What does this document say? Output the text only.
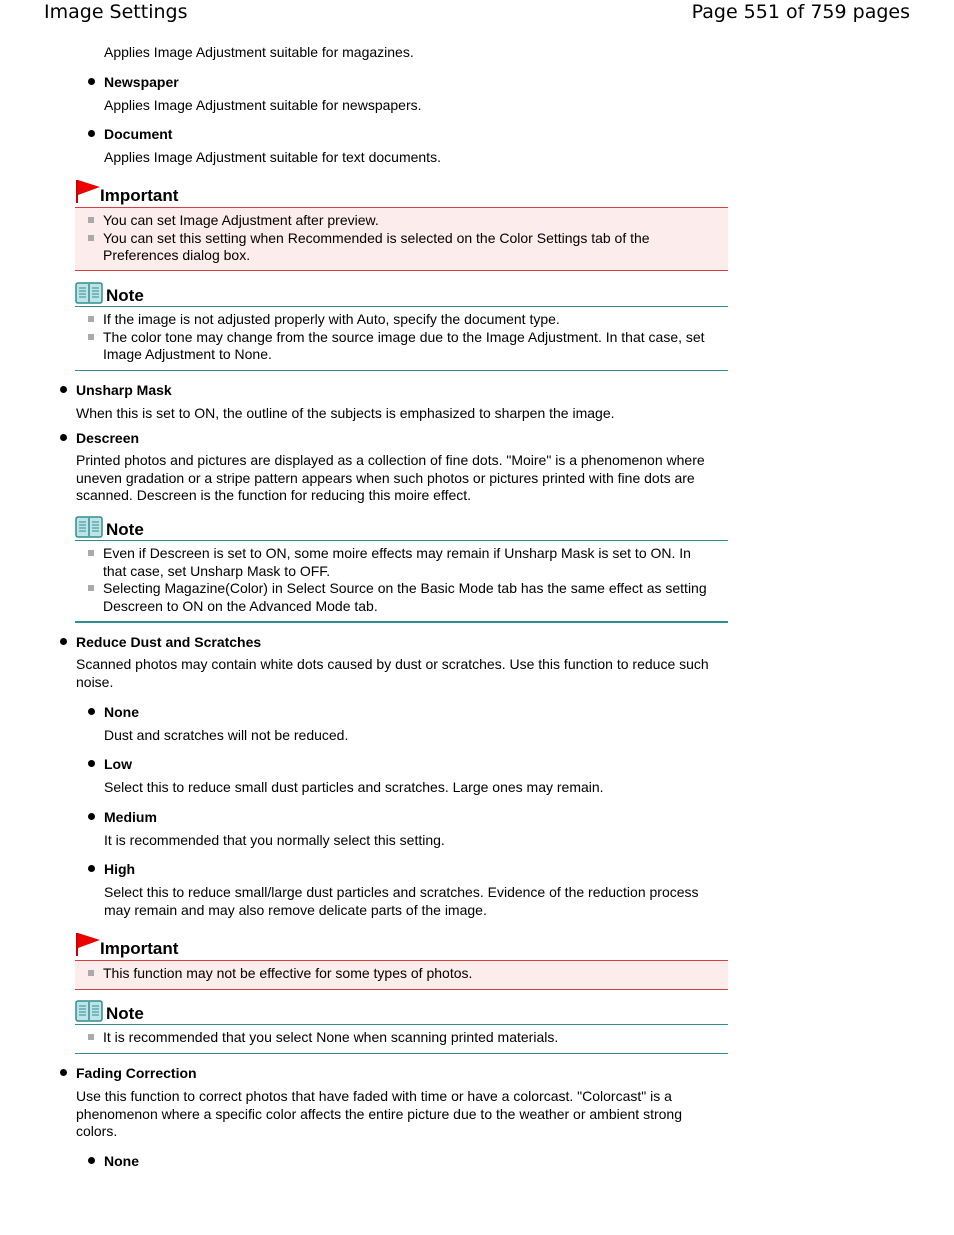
Image Settings	Page 551 of 759 pages
Applies Image Adjustment suitable for magazines.
Newspaper
Applies Image Adjustment suitable for newspapers.
Document
Applies Image Adjustment suitable for text documents.
Important
You can set Image Adjustment after preview.
You can set this setting when Recommended is selected on the Color Settings tab of the Preferences dialog box.
Note
If the image is not adjusted properly with Auto, specify the document type.
The color tone may change from the source image due to the Image Adjustment. In that case, set Image Adjustment to None.
Unsharp Mask
When this is set to ON, the outline of the subjects is emphasized to sharpen the image.
Descreen
Printed photos and pictures are displayed as a collection of fine dots. "Moire" is a phenomenon where uneven gradation or a stripe pattern appears when such photos or pictures printed with fine dots are scanned. Descreen is the function for reducing this moire effect.
Note
Even if Descreen is set to ON, some moire effects may remain if Unsharp Mask is set to ON. In that case, set Unsharp Mask to OFF.
Selecting Magazine(Color) in Select Source on the Basic Mode tab has the same effect as setting Descreen to ON on the Advanced Mode tab.
Reduce Dust and Scratches
Scanned photos may contain white dots caused by dust or scratches. Use this function to reduce such noise.
None
Dust and scratches will not be reduced.
Low
Select this to reduce small dust particles and scratches. Large ones may remain.
Medium
It is recommended that you normally select this setting.
High
Select this to reduce small/large dust particles and scratches. Evidence of the reduction process may remain and may also remove delicate parts of the image.
Important
This function may not be effective for some types of photos.
Note
It is recommended that you select None when scanning printed materials.
Fading Correction
Use this function to correct photos that have faded with time or have a colorcast. "Colorcast" is a phenomenon where a specific color affects the entire picture due to the weather or ambient strong colors.
None
